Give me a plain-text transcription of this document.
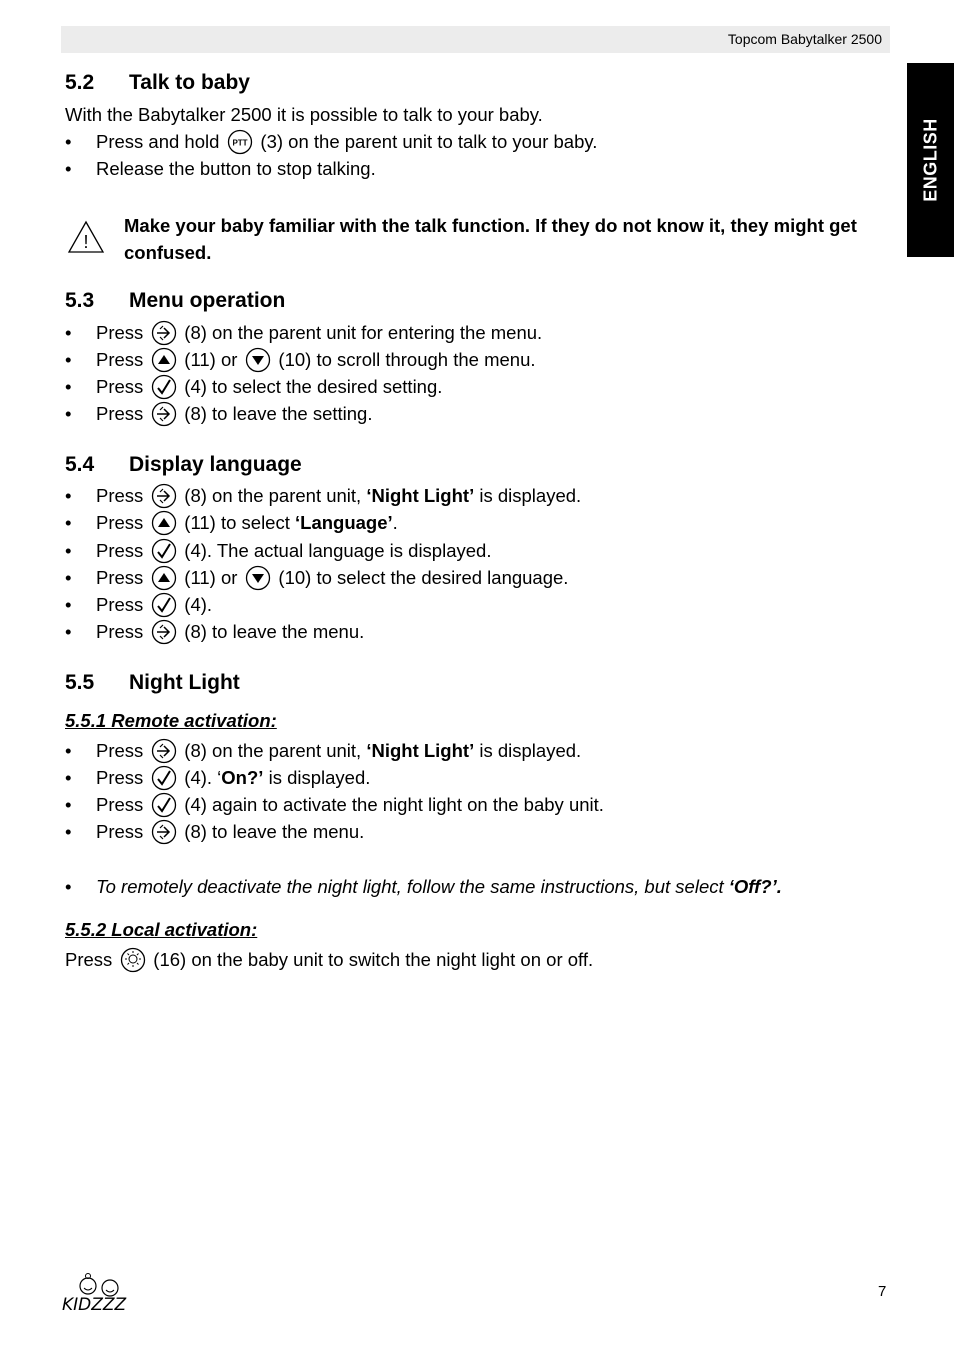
Topcom Babytalker 2500
ENGLISH
5.2 Talk to baby
With the Babytalker 2500 it is possible to talk to your baby.
• Press and hold PTT (3) on the parent unit to talk to your baby.
• Release the button to stop talking.
!
Make your baby familiar with the talk function. If they do not know it, they might get confused.
5.3 Menu operation
• Press (8) on the parent unit for entering the menu.
• Press (11) or (10) to scroll through the menu.
• Press (4) to select the desired setting.
• Press (8) to leave the setting.
5.4 Display language
• Press (8) on the parent unit,
‘Night Light’
is displayed.
• Press (11) to select
‘Language’ .
• Press (4). The actual language is displayed.
• Press (11) or (10) to select the desired language.
• Press (4).
• Press (8) to leave the menu.
5.5 Night Light
5.5.1 Remote activation:
• Press (8) on the parent unit,
‘Night Light’
is displayed.
• Press (4). ‘ On?’
is displayed.
• Press (4) again to activate the night light on the baby unit.
• Press (8) to leave the menu.
• To remotely deactivate the night light, follow the same instructions, but select
‘Off?’.
5.5.2 Local activation:
Press (16) on the baby unit to switch the night light on or off.
KIDZZZ
7
